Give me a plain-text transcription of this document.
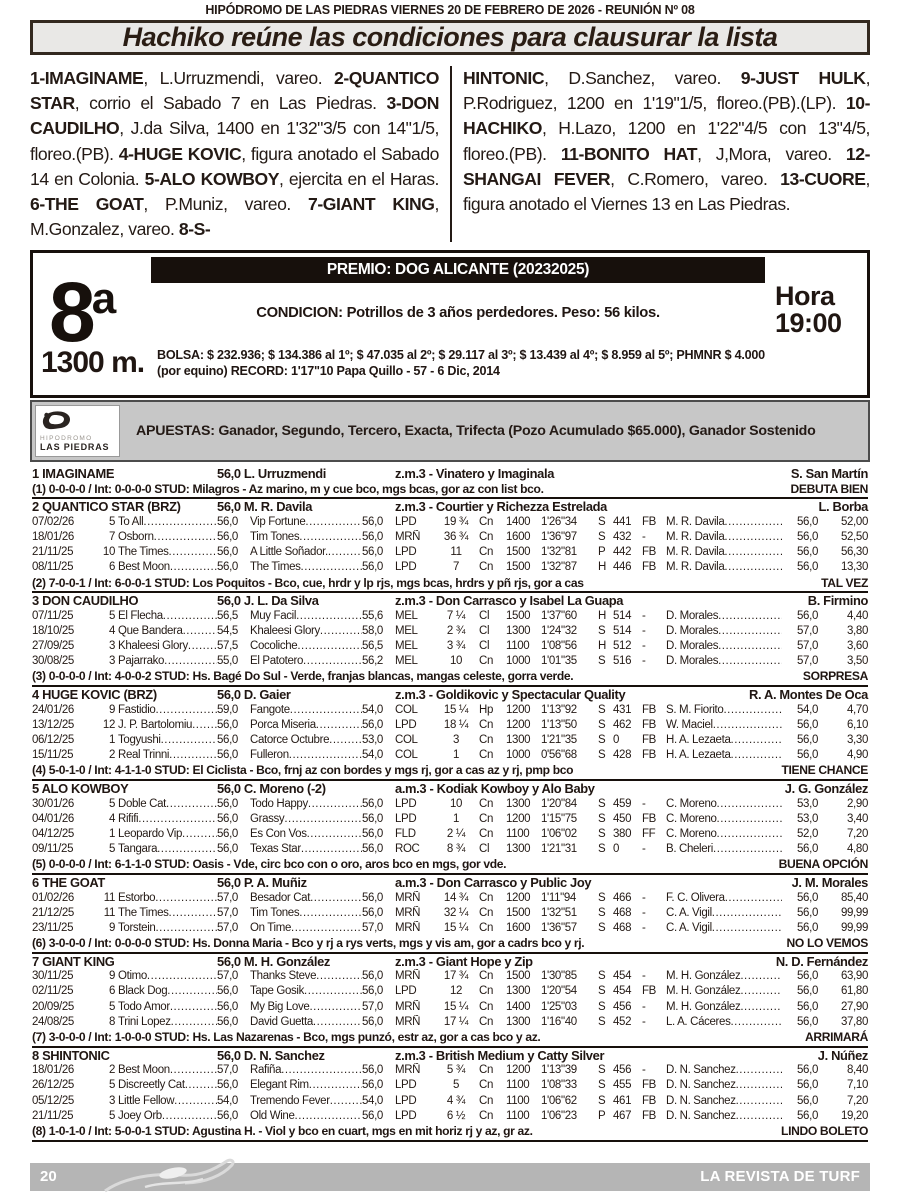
HIPÓDROMO DE LAS PIEDRAS VIERNES 20 DE FEBRERO DE 2026 - REUNIÓN Nº 08
Hachiko reúne las condiciones para clausurar la lista
1-IMAGINAME, L.Urruzmendi, vareo. 2-QUANTICO STAR, corrio el Sabado 7 en Las Piedras. 3-DON CAUDILHO, J.da Silva, 1400 en 1'32"3/5 con 14"1/5, floreo.(PB). 4-HUGE KOVIC, figura anotado el Sabado 14 en Colonia. 5-ALO KOWBOY, ejercita en el Haras. 6-THE GOAT, P.Muniz, vareo. 7-GIANT KING, M.Gonzalez, vareo. 8-S-
HINTONIC, D.Sanchez, vareo. 9-JUST HULK, P.Rodriguez, 1200 en 1'19"1/5, floreo.(PB).(LP). 10-HACHIKO, H.Lazo, 1200 en 1'22"4/5 con 13"4/5, floreo.(PB). 11-BONITO HAT, J,Mora, vareo. 12-SHANGAI FEVER, C.Romero, vareo. 13-CUORE, figura anotado el Viernes 13 en Las Piedras.
8$^a$
PREMIO: DOG ALICANTE (20232025)
CONDICION: Potrillos de 3 años perdedores. Peso: 56 kilos.
Hora
19:00
1300 m. BOLSA: $ 232.936; $ 134.386 al 1º; $ 47.035 al 2º; $ 29.117 al 3º; $ 13.439 al 4º; $ 8.959 al 5º; PHMNR $ 4.000
(por equino) RECORD: 1'17"10 Papa Quillo - 57 - 6 Dic, 2014
HIPODROMO
LAS PIEDRAS
APUESTAS: Ganador, Segundo, Tercero, Exacta, Trifecta (Pozo Acumulado $65.000), Ganador Sostenido
1 IMAGINAME	56,0 L. Urruzmendi	z.m.3 - Vinatero y Imaginala	S. San Martín
(1) 0-0-0-0 / Int: 0-0-0-0 STUD: Milagros - Az marino, m y cue bco, mgs bcas, gor az con list bco.	DEBUTA BIEN
2 QUANTICO STAR (BRZ)	56,0 M. R. Davila	z.m.3 - Courtier y Richezza Estrelada	L. Borba
07/02/26	5 To All .....	56,0	Vip Fortune .....	56,0	LPD	19 ¾ Cn	1400 1'26"34	S 441 FB M. R. Davila .....	56,0	52,00
18/01/26	7 Osborn .....	56,0	Tim Tones .....	56,0	MRÑ	36 ¾ Cn	1600 1'36"97	S 432 -	M. R. Davila .....	56,0	52,50
21/11/25	10 The Times .....	56,0	A Little Soñador. .....	56,0	LPD	11	Cn	1500 1'32"81	P 442 FB M. R. Davila .....	56,0	56,30
08/11/25	6 Best Moon .....	56,0	The Times .....	56,0	LPD	7	Cn	1500 1'32"87	H 446 FB M. R. Davila .....	56,0	13,30
(2) 7-0-0-1 / Int: 6-0-0-1 STUD: Los Poquitos - Bco, cue, hrdr y lp rjs, mgs bcas, hrdrs y pñ rjs, gor a cas	TAL VEZ
3 DON CAUDILHO	56,0 J. L. Da Silva	z.m.3 - Don Carrasco y Isabel La Guapa	B. Firmino
07/11/25	5 El Flecha .....	56,5	Muy Facil .....	55,6	MEL	7 ¼	Cl	1500 1'37"60	H 514 -	D. Morales .....	56,0	4,40
18/10/25	4 Que Bandera .....	54,5	Khaleesi Glory .....	58,0	MEL	2 ¾	Cl	1300 1'24"32	S 514 -	D. Morales .....	57,0	3,80
27/09/25	3 Khaleesi Glory .....	57,5	Cocoliche .....	56,5	MEL	3 ¾	Cl	1100	1'08"56	H 512 -	D. Morales .....	57,0	3,60
30/08/25	3 Pajarrako .....	55,0	El Patotero .....	56,2	MEL	10	Cn	1000 1'01"35	S 516 -	D. Morales .....	57,0	3,50
(3) 0-0-0-0 / Int: 4-0-0-2 STUD: Hs. Bagé Do Sul - Verde, franjas blancas, mangas celeste, gorra verde.	SORPRESA
4 HUGE KOVIC (BRZ)	56,0 D. Gaier	z.m.3 - Goldikovic y Spectacular Quality	R. A. Montes De Oca
24/01/26	9 Fastidio .....	59,0	Fangote .....	54,0	COL	15 ¼ Hp	1200 1'13"92	S 431 FB S. M. Fiorito .....	54,0	4,70
13/12/25	12 J. P. Bartolomiu .....	56,0	Porca Miseria .....	56,0	LPD	18 ¼ Cn	1200 1'13"50	S 462 FB W. Maciel .....	56,0	6,10
06/12/25	1 Togyushi .....	56,0	Catorce Octubre .....	53,0	COL	3	Cn	1300 1'21"35	S 0	FB H. A. Lezaeta .....	56,0	3,30
15/11/25	2 Real Trinni .....	56,0	Fulleron .....	54,0	COL	1	Cn	1000 0'56"68	S 428 FB H. A. Lezaeta .....	56,0	4,90
(4) 5-0-1-0 / Int: 4-1-1-0 STUD: El Ciclista - Bco, frnj az con bordes y mgs rj, gor a cas az y rj, pmp bco	TIENE CHANCE
5 ALO KOWBOY	56,0 C. Moreno (-2)	a.m.3 - Kodiak Kowboy y Alo Baby	J. G. González
30/01/26	5 Doble Cat .....	56,0	Todo Happy .....	56,0	LPD	10	Cn	1300 1'20"84	S 459 -	C. Moreno .....	53,0	2,90
04/01/26	4 Rififi .....	56,0	Grassy .....	56,0	LPD	1	Cn	1200 1'15"75	S 450 FB C. Moreno .....	53,0	3,40
04/12/25	1 Leopardo Vip .....	56,0	Es Con Vos .....	56,0	FLD	2 ¼	Cn	1100	1'06"02	S 380 FF C. Moreno .....	52,0	7,20
09/11/25	5 Tangara .....	56,0	Texas Star .....	56,0	ROC	8 ¾	Cl	1300 1'21"31	S 0	-	B. Cheleri .....	56,0	4,80
(5) 0-0-0-0 / Int: 6-1-1-0 STUD: Oasis - Vde, circ bco con o oro, aros bco en mgs, gor vde.	BUENA OPCIÓN
6 THE GOAT	56,0 P. A. Muñiz	a.m.3 - Don Carrasco y Public Joy	J. M. Morales
01/02/26	11 Estorbo .....	57,0	Besador Cat .....	56,0	MRÑ	14 ¾ Cn	1200 1'11"94	S 466 -	F. C. Olivera .....	56,0	85,40
21/12/25	11 The Times .....	57,0	Tim Tones .....	56,0	MRÑ	32 ¼ Cn	1500 1'32"51	S 468 -	C. A. Vigil .....	56,0	99,99
23/11/25	9 Torstein .....	57,0	On Time .....	57,0	MRÑ	15 ¼ Cn	1600 1'36"57	S 468 -	C. A. Vigil .....	56,0	99,99
(6) 3-0-0-0 / Int: 0-0-0-0 STUD: Hs. Donna Maria - Bco y rj a rys verts, mgs y vis am, gor a cadrs bco y rj.	NO LO VEMOS
7 GIANT KING	56,0 M. H. González	z.m.3 - Giant Hope y Zip	N. D. Fernández
30/11/25	9 Otimo .....	57,0	Thanks Steve .....	56,0	MRÑ	17 ¾ Cn	1500 1'30"85	S 454 -	M. H. González .....	56,0	63,90
02/11/25	6 Black Dog .....	56,0	Tape Gosik .....	56,0	LPD	12	Cn	1300 1'20"54	S 454 FB M. H. González .....	56,0	61,80
20/09/25	5 Todo Amor .....	56,0	My Big Love .....	57,0	MRÑ	15 ¼ Cn	1400 1'25"03	S 456 -	M. H. González .....	56,0	27,90
24/08/25	8 Trini Lopez .....	56,0	David Guetta .....	56,0	MRÑ	17 ¼ Cn	1300 1'16"40	S 452 -	L. A. Cáceres .....	56,0	37,80
(7) 3-0-0-0 / Int: 1-0-0-0 STUD: Hs. Las Nazarenas - Bco, mgs punzó, estr az, gor a cas bco y az.	ARRIMARÁ
8 SHINTONIC	56,0 D. N. Sanchez	z.m.3 - British Medium y Catty Silver	J. Núñez
18/01/26	2 Best Moon .....	57,0	Rafiña .....	56,0	MRÑ	5 ¾	Cn	1200 1'13"39	S 456 -	D. N. Sanchez .....	56,0	8,40
26/12/25	5 Discreetly Cat .....	56,0	Elegant Rim .....	56,0	LPD	5	Cn	1100	1'08"33	S 455 FB D. N. Sanchez .....	56,0	7,10
05/12/25	3 Little Fellow .....	54,0	Tremendo Fever .....	54,0	LPD	4 ¾	Cn	1100	1'06"62	S 461 FB D. N. Sanchez .....	56,0	7,20
21/11/25	5 Joey Orb .....	56,0	Old Wine .....	56,0	LPD	6 ½	Cn	1100	1'06"23	P 467 FB D. N. Sanchez .....	56,0	19,20
(8) 1-0-1-0 / Int: 5-0-0-1 STUD: Agustina H. - Viol y bco en cuart, mgs en mit horiz rj y az, gr az.	LINDO BOLETO
20	LA REVISTA DE TURF
